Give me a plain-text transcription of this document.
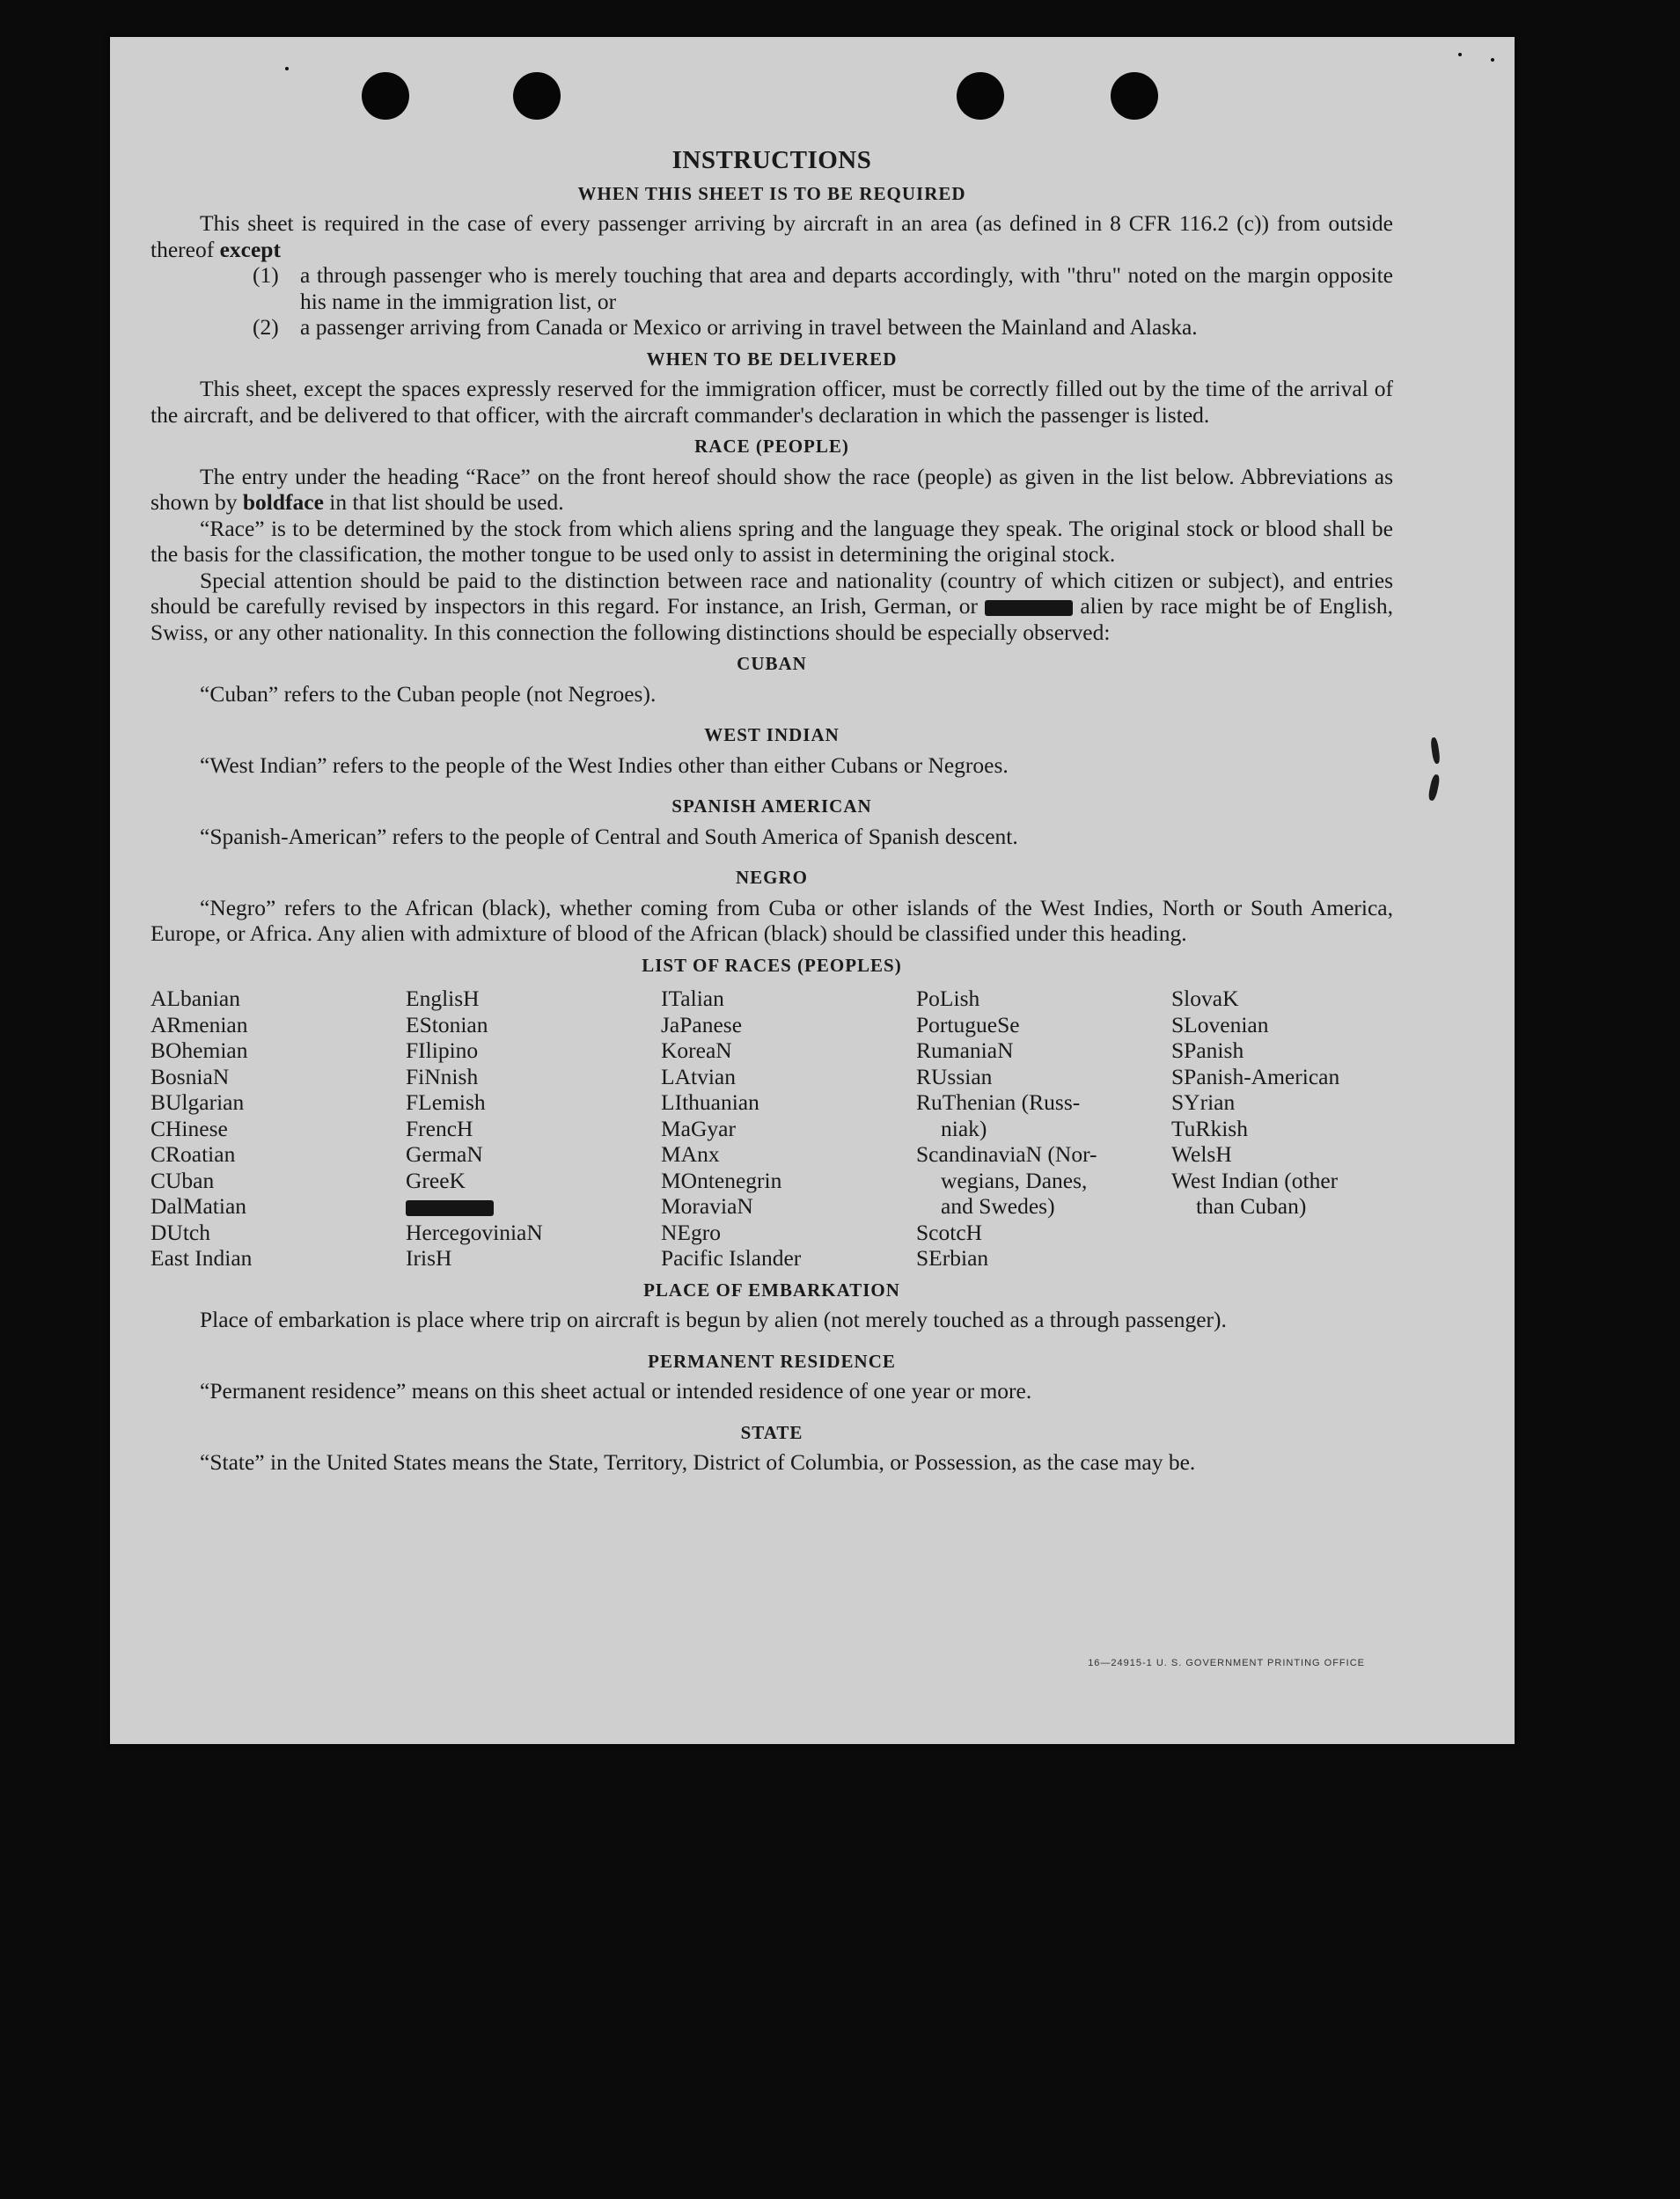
INSTRUCTIONS
WHEN THIS SHEET IS TO BE REQUIRED

This sheet is required in the case of every passenger arriving by aircraft in an area (as defined in 8 CFR 116.2 (c)) from outside thereof except

(1) a through passenger who is merely touching that area and departs accordingly, with "thru" noted on the margin opposite his name in the immigration list, or
(2) a passenger arriving from Canada or Mexico or arriving in travel between the Mainland and Alaska.
WHEN TO BE DELIVERED

This sheet, except the spaces expressly reserved for the immigration officer, must be correctly filled out by the time of the arrival of the aircraft, and be delivered to that officer, with the aircraft commander's declaration in which the passenger is listed.

RACE (PEOPLE)

The entry under the heading “Race” on the front hereof should show the race (people) as given in the list below. Abbreviations as shown by boldface in that list should be used.

“Race” is to be determined by the stock from which aliens spring and the language they speak. The original stock or blood shall be the basis for the classification, the mother tongue to be used only to assist in determining the original stock.

Special attention should be paid to the distinction between race and nationality (country of which citizen or subject), and entries should be carefully revised by inspectors in this regard. For instance, an Irish, German, or	alien by race might be of English, Swiss, or any other nationality. In this connection the following distinctions should be especially observed:

CUBAN

“Cuban” refers to the Cuban people (not Negroes).

WEST INDIAN

“West Indian” refers to the people of the West Indies other than either Cubans or Negroes.

SPANISH AMERICAN

“Spanish-American” refers to the people of Central and South America of Spanish descent.

NEGRO

“Negro” refers to the African (black), whether coming from Cuba or other islands of the West Indies, North or South America, Europe, or Africa. Any alien with admixture of blood of the African (black) should be classified under this heading.

LIST OF RACES (PEOPLES)
ALbanian
ARmenian
BOhemian
BosniaN
BUlgarian
CHinese
CRoatian
CUban
DalMatian
DUtch
East Indian
EnglisH
EStonian
FIlipino
FiNnish
FLemish
FrencH
GermaN
GreeK
HercegoviniaN
IrisH
ITalian
JaPanese
KoreaN
LAtvian
LIthuanian
MaGyar
MAnx
MOntenegrin
MoraviaN
NEgro
Pacific Islander
PoLish
PortugueSe
RumaniaN
RUssian
RuThenian (Russ-
niak)
ScandinaviaN (Nor-
wegians, Danes,
and Swedes)
ScotcH
SErbian
SlovaK
SLovenian
SPanish
SPanish-American
SYrian
TuRkish
WelsH
West Indian (other
than Cuban)
PLACE OF EMBARKATION

Place of embarkation is place where trip on aircraft is begun by alien (not merely touched as a through passenger).

PERMANENT RESIDENCE

“Permanent residence” means on this sheet actual or intended residence of one year or more.

STATE

“State” in the United States means the State, Territory, District of Columbia, or Possession, as the case may be.

16—24915-1 U. S. GOVERNMENT PRINTING OFFICE
